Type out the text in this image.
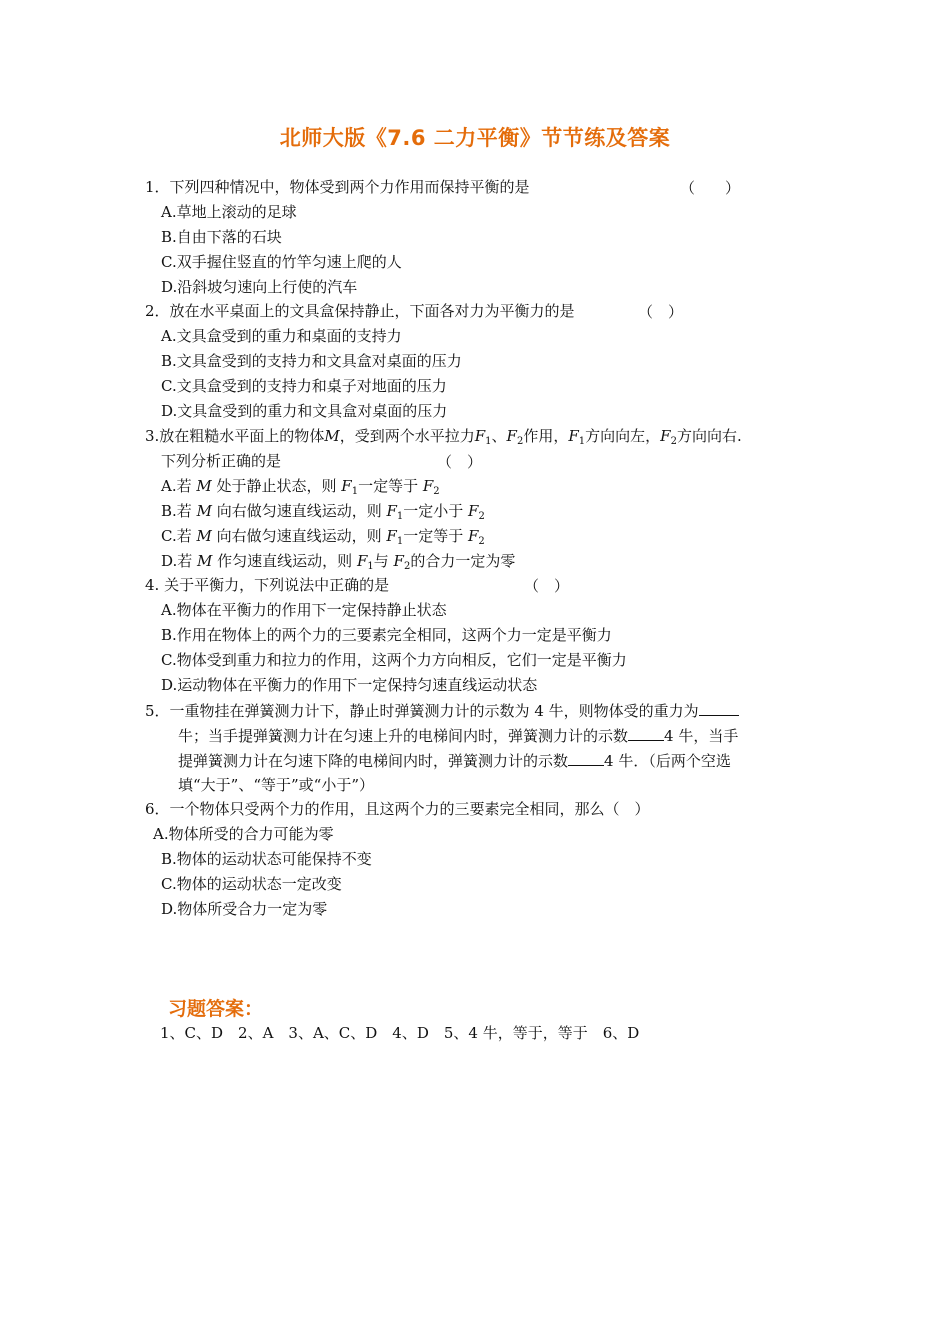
北师大版《7.6 二力平衡》节节练及答案
1．下列四种情况中，物体受到两个力作用而保持平衡的是	（　　）
A.草地上滚动的足球
B.自由下落的石块
C.双手握住竖直的竹竿匀速上爬的人
D.沿斜坡匀速向上行使的汽车
2．放在水平桌面上的文具盒保持静止，下面各对力为平衡力的是	（　）
A.文具盒受到的重力和桌面的支持力
B.文具盒受到的支持力和文具盒对桌面的压力
C.文具盒受到的支持力和桌子对地面的压力
D.文具盒受到的重力和文具盒对桌面的压力
3.放在粗糙水平面上的物体M，受到两个水平拉力$F_1$、$F_2$作用，$F_1$方向向左，$F_2$方向向右.
下列分析正确的是	（　）
A.若 M 处于静止状态，则 $F_1$一定等于 $F_2$
B.若 M 向右做匀速直线运动，则 $F_1$一定小于 $F_2$
C.若 M 向右做匀速直线运动，则 $F_1$一定等于 $F_2$
D.若 M 作匀速直线运动，则 $F_1$与 $F_2$的合力一定为零
4. 关于平衡力，下列说法中正确的是	（　）
A.物体在平衡力的作用下一定保持静止状态
B.作用在物体上的两个力的三要素完全相同，这两个力一定是平衡力
C.物体受到重力和拉力的作用，这两个力方向相反，它们一定是平衡力
D.运动物体在平衡力的作用下一定保持匀速直线运动状态
5．一重物挂在弹簧测力计下，静止时弹簧测力计的示数为 4 牛，则物体受的重力为
牛；当手提弹簧测力计在匀速上升的电梯间内时，弹簧测力计的示数 4 牛，当手
提弹簧测力计在匀速下降的电梯间内时，弹簧测力计的示数 4 牛．（后两个空选
填“大于”、“等于”或“小于”）
6．一个物体只受两个力的作用，且这两个力的三要素完全相同，那么（　）
A.物体所受的合力可能为零
B.物体的运动状态可能保持不变
C.物体的运动状态一定改变
D.物体所受合力一定为零
习题答案：
1、C、D　2、A　3、A、C、D　4、D　5、4 牛，等于，等于　6、D
